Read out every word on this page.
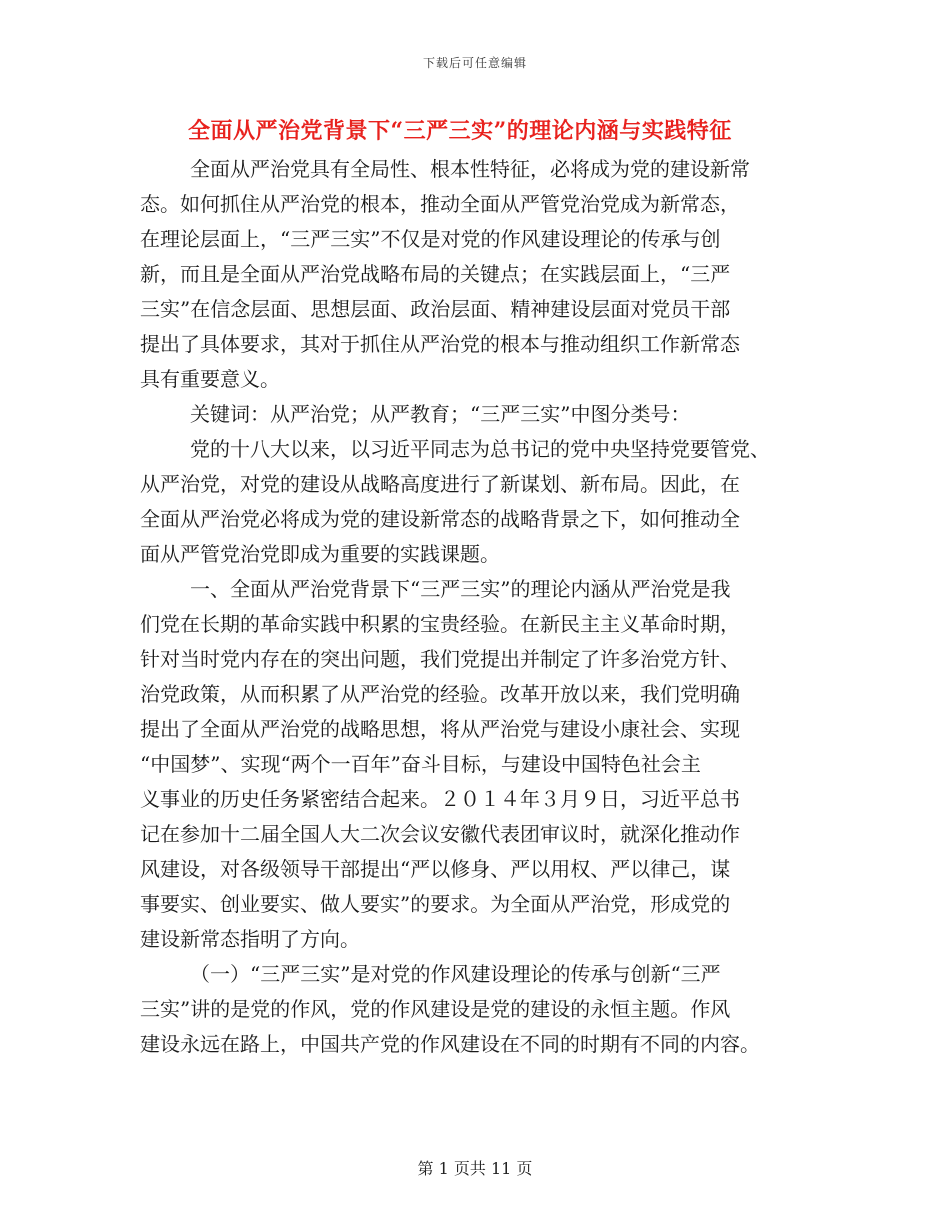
下载后可任意编辑
全面从严治党背景下“三严三实”的理论内涵与实践特征
全面从严治党具有全局性、根本性特征，必将成为党的建设新常
态。如何抓住从严治党的根本，推动全面从严管党治党成为新常态，
在理论层面上，“三严三实”不仅是对党的作风建设理论的传承与创
新，而且是全面从严治党战略布局的关键点；在实践层面上，“三严
三实”在信念层面、思想层面、政治层面、精神建设层面对党员干部
提出了具体要求，其对于抓住从严治党的根本与推动组织工作新常态
具有重要意义。
关键词：从严治党；从严教育；“三严三实”中图分类号：
党的十八大以来，以习近平同志为总书记的党中央坚持党要管党、
从严治党，对党的建设从战略高度进行了新谋划、新布局。因此，在
全面从严治党必将成为党的建设新常态的战略背景之下，如何推动全
面从严管党治党即成为重要的实践课题。
一、全面从严治党背景下“三严三实”的理论内涵从严治党是我
们党在长期的革命实践中积累的宝贵经验。在新民主主义革命时期，
针对当时党内存在的突出问题，我们党提出并制定了许多治党方针、
治党政策，从而积累了从严治党的经验。改革开放以来，我们党明确
提出了全面从严治党的战略思想，将从严治党与建设小康社会、实现
“中国梦”、实现“两个一百年”奋斗目标，与建设中国特色社会主
义事业的历史任务紧密结合起来。２０１４年３月９日，习近平总书
记在参加十二届全国人大二次会议安徽代表团审议时，就深化推动作
风建设，对各级领导干部提出“严以修身、严以用权、严以律己，谋
事要实、创业要实、做人要实”的要求。为全面从严治党，形成党的
建设新常态指明了方向。
（一）“三严三实”是对党的作风建设理论的传承与创新“三严
三实”讲的是党的作风，党的作风建设是党的建设的永恒主题。作风
建设永远在路上，中国共产党的作风建设在不同的时期有不同的内容。
第 1 页共 11 页
